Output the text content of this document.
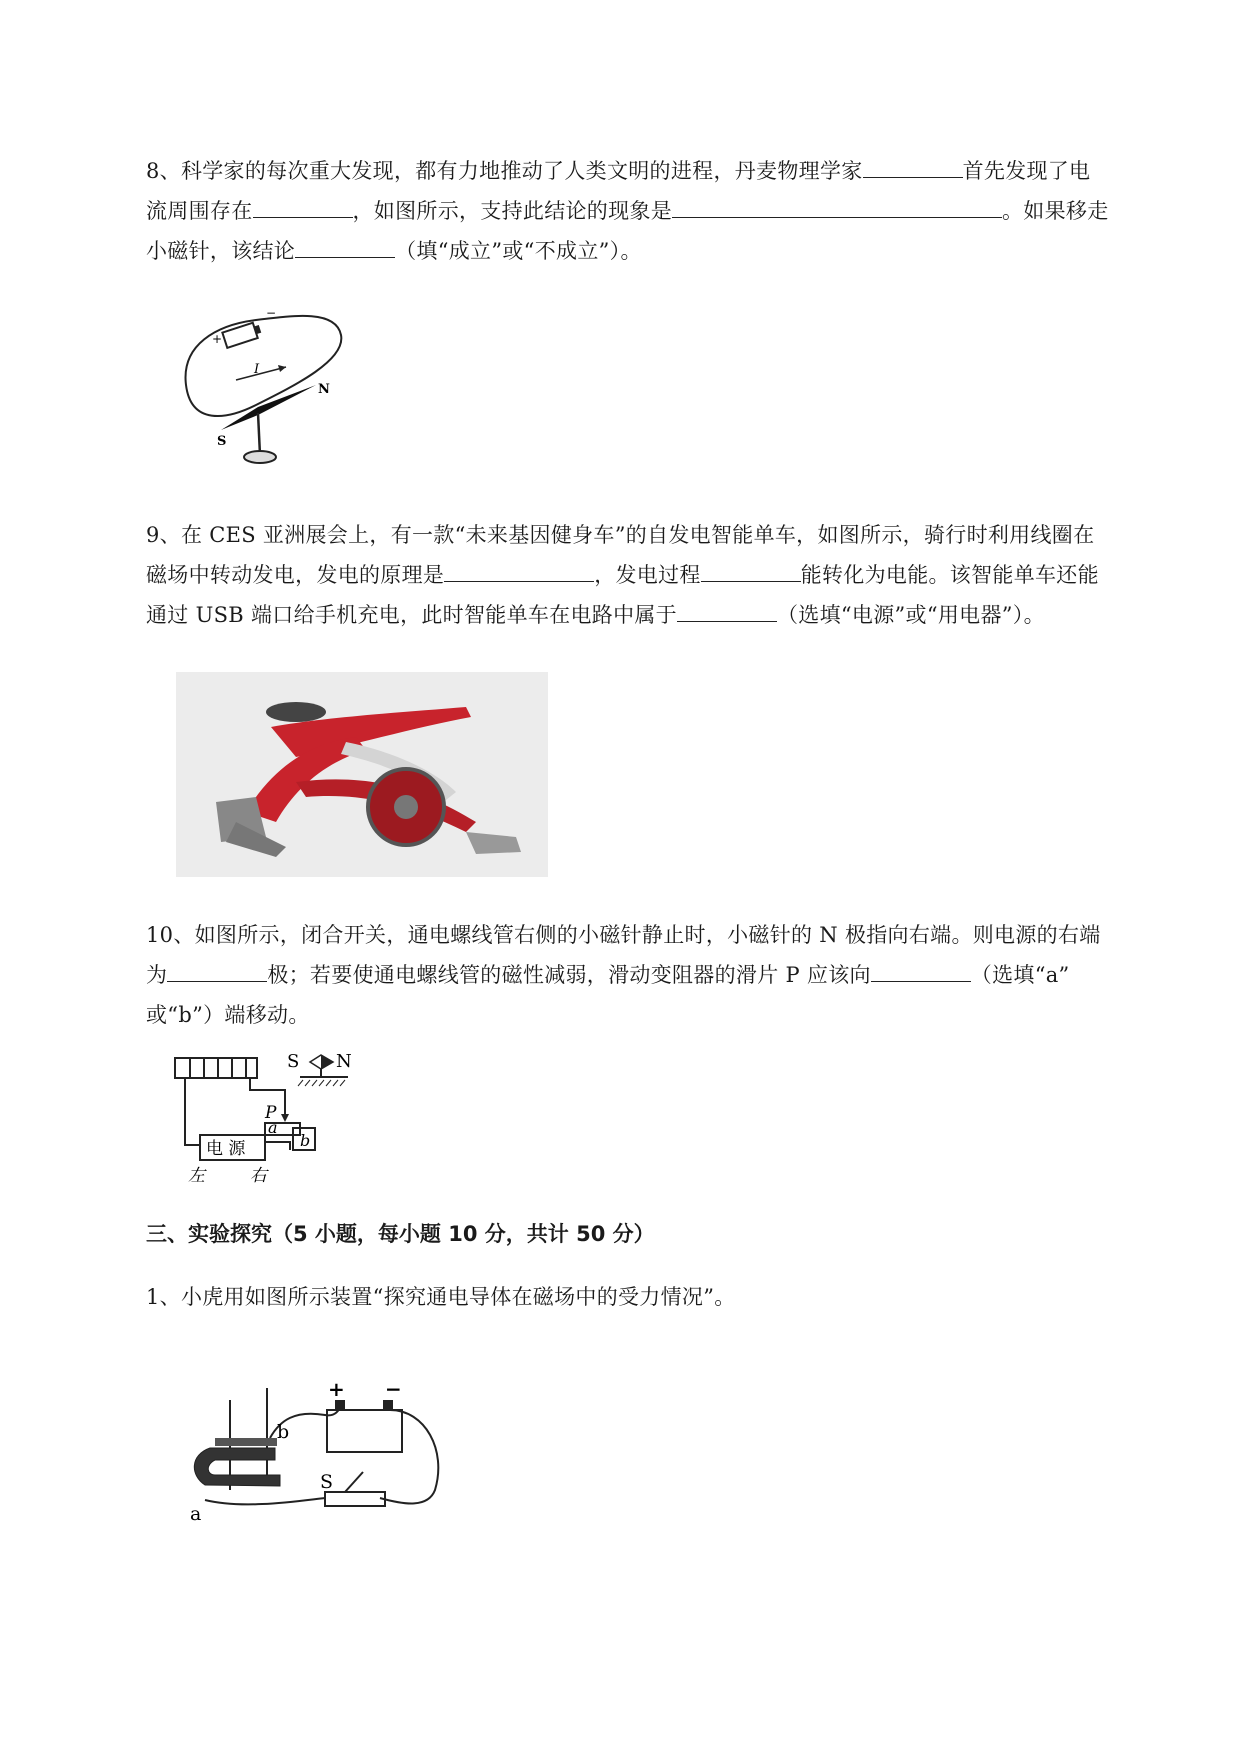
8、科学家的每次重大发现，都有力地推动了人类文明的进程，丹麦物理学家	首先发现了电
流周围存在	，如图所示，支持此结论的现象是	。如果移走
小磁针，该结论	（填“成立”或“不成立”）。
+
−
I
N
S
9、在 CES 亚洲展会上，有一款“未来基因健身车”的自发电智能单车，如图所示，骑行时利用线圈在
磁场中转动发电，发电的原理是	，发电过程	能转化为电能。该智能单车还能
通过 USB 端口给手机充电，此时智能单车在电路中属于	（选填“电源”或“用电器”）。
10、如图所示，闭合开关，通电螺线管右侧的小磁针静止时，小磁针的 N 极指向右端。则电源的右端
为	极；若要使通电螺线管的磁性减弱，滑动变阻器的滑片 P 应该向	（选填“a”
或“b”）端移动。
S N
P
a
b
电 源
左	右
三、实验探究（5 小题，每小题 10 分，共计 50 分）
1、小虎用如图所示装置“探究通电导体在磁场中的受力情况”。
+ −
a
b
S
